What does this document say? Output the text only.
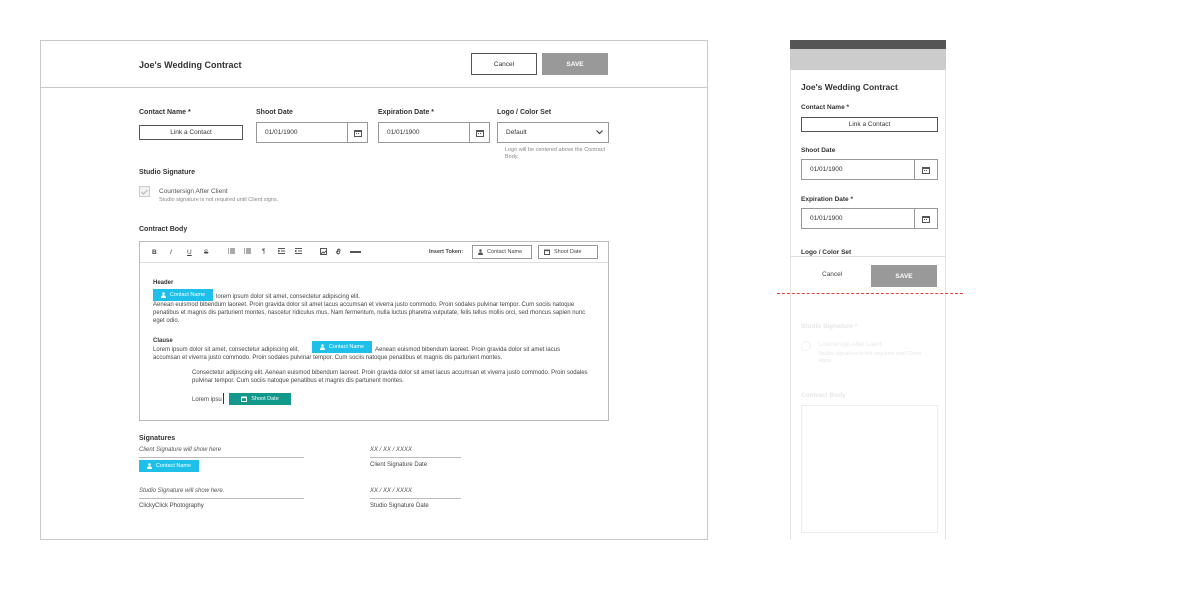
Joe's Wedding Contract	Cancel	SAVE
Contact Name *
Link a Contact
Shoot Date
01/01/1900
Expiration Date *
01/01/1900
Logo / Color Set
Default
Logo will be centered above the Contract Body.
Studio Signature
Countersign After Client
Studio signature is not required until Client signs.
Contract Body
B I U S	¶	Insert Token:	Contact Name	Shoot Date
Header
Contact Name lorem ipsum dolor sit amet, consectetur adipiscing elit.
Aenean euismod bibendum laoreet. Proin gravida dolor sit amet lacus accumsan et viverra justo commodo. Proin sodales pulvinar tempor. Cum sociis natoque penatibus et magnis dis parturient montes, nascetur ridiculus mus. Nam fermentum, nulla luctus pharetra vulputate, felis tellus mollis orci, sed rhoncus sapien nunc eget odio.
Clause
Lorem ipsum dolor sit amet, consectetur adipiscing elit.	Contact Name Aenean euismod bibendum laoreet. Proin gravida dolor sit amet lacus
accumsan et viverra justo commodo. Proin sodales pulvinar tempor. Cum sociis natoque penatibus et magnis dis parturient montes.
Consectetur adipiscing elit. Aenean euismod bibendum laoreet. Proin gravida dolor sit amet lacus accumsan et viverra justo commodo. Proin sodales pulvinar tempor. Cum sociis natoque penatibus et magnis dis parturient montes.
Lorem ipsu	Shoot Date
Signatures
Client Signature will show here
Contact Name
XX / XX / XXXX
Client Signature Date
Studio Signature will show here.
ClickyClick Photography
XX / XX / XXXX
Studio Signature Date
Joe's Wedding Contract
Contact Name *
Link a Contact
Shoot Date
01/01/1900
Expiration Date *
01/01/1900
Logo / Color Set
Cancel	SAVE
Studio Signature *
Countersign After Client
Studio signature is not required until Client signs.
Contract Body
